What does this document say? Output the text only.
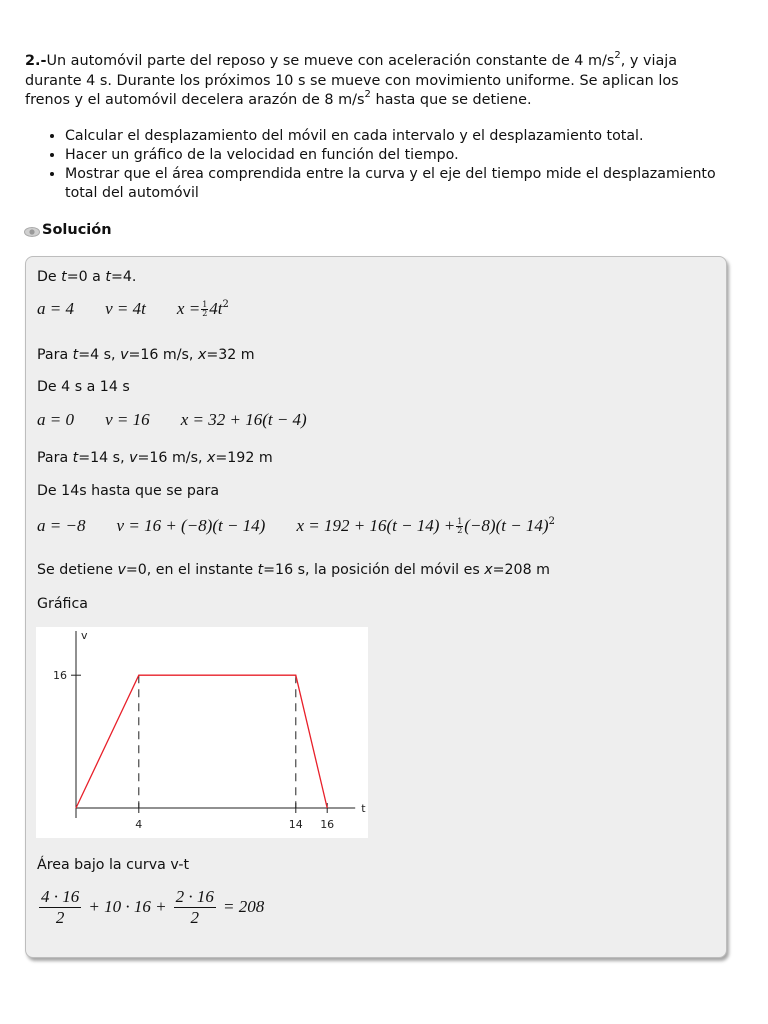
2.-Un automóvil parte del reposo y se mueve con aceleración constante de 4 $m/s^2$, y viaja
durante 4 s. Durante los próximos 10 s se mueve con movimiento uniforme. Se aplican los
frenos y el automóvil decelera arazón de 8 $m/s^2$ hasta que se detiene.
• Calcular el desplazamiento del móvil en cada intervalo y el desplazamiento total.
• Hacer un gráfico de la velocidad en función del tiempo.
• Mostrar que el área comprendida entre la curva y el eje del tiempo mide el desplazamiento total del automóvil
Solución
De t=0 a t=4.
a = 4 v = 4t $x = \frac{1}{2} 4t^2$
Para t=4 s, v=16 m/s, x=32 m
De 4 s a 14 s
a = 0 v = 16 x = 32 + 16(t − 4)
Para t=14 s, v=16 m/s, x=192 m
De 14s hasta que se para
a = −8 v = 16 + (−8)(t − 14) $x = 192 + 16(t - 14) + \frac{1}{2} (-8)(t - 14)^2$
Se detiene v=0, en el instante t=16 s, la posición del móvil es x=208 m
Gráfica
t
v
4	14 16
16
Área bajo la curva v-t
$\frac{4 \cdot 16}{2} + 10 \cdot 16 + \frac{2 \cdot 16}{2} = 208$
